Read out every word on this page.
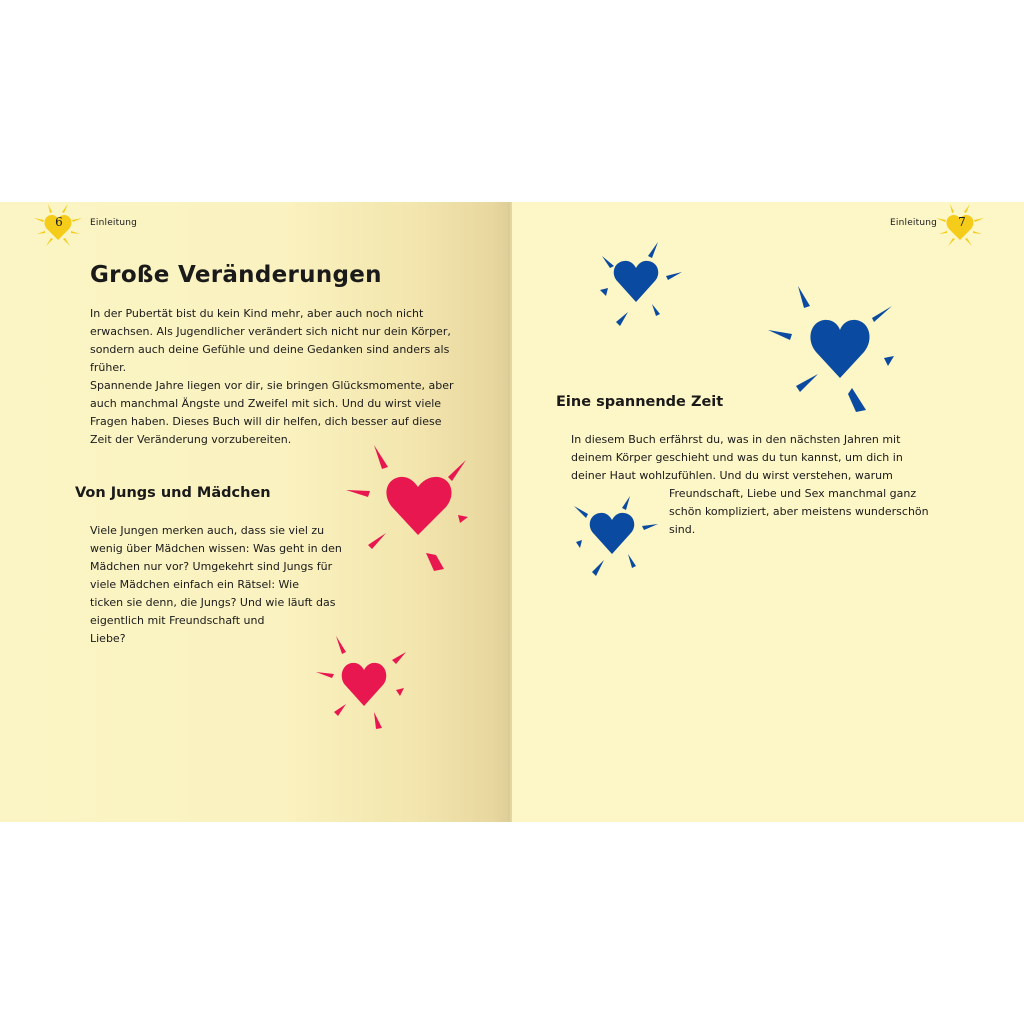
6	Einleitung
Große Veränderungen
In der Pubertät bist du kein Kind mehr, aber auch noch nicht
erwachsen. Als Jugendlicher verändert sich nicht nur dein Körper,
sondern auch deine Gefühle und deine Gedanken sind anders als
früher.
Spannende Jahre liegen vor dir, sie bringen Glücksmomente, aber
auch manchmal Ängste und Zweifel mit sich. Und du wirst viele
Fragen haben. Dieses Buch will dir helfen, dich besser auf diese
Zeit der Veränderung vorzubereiten.
Von Jungs und Mädchen
Viele Jungen merken auch, dass sie viel zu
wenig über Mädchen wissen: Was geht in den
Mädchen nur vor? Umgekehrt sind Jungs für
viele Mädchen einfach ein Rätsel: Wie
ticken sie denn, die Jungs? Und wie läuft das
eigentlich mit Freundschaft und
Liebe?
Einleitung	7
Eine spannende Zeit
In diesem Buch erfährst du, was in den nächsten Jahren mit
deinem Körper geschieht und was du tun kannst, um dich in
deiner Haut wohlzufühlen. Und du wirst verstehen, warum
Freundschaft, Liebe und Sex manchmal ganz
schön kompliziert, aber meistens wunderschön
sind.
